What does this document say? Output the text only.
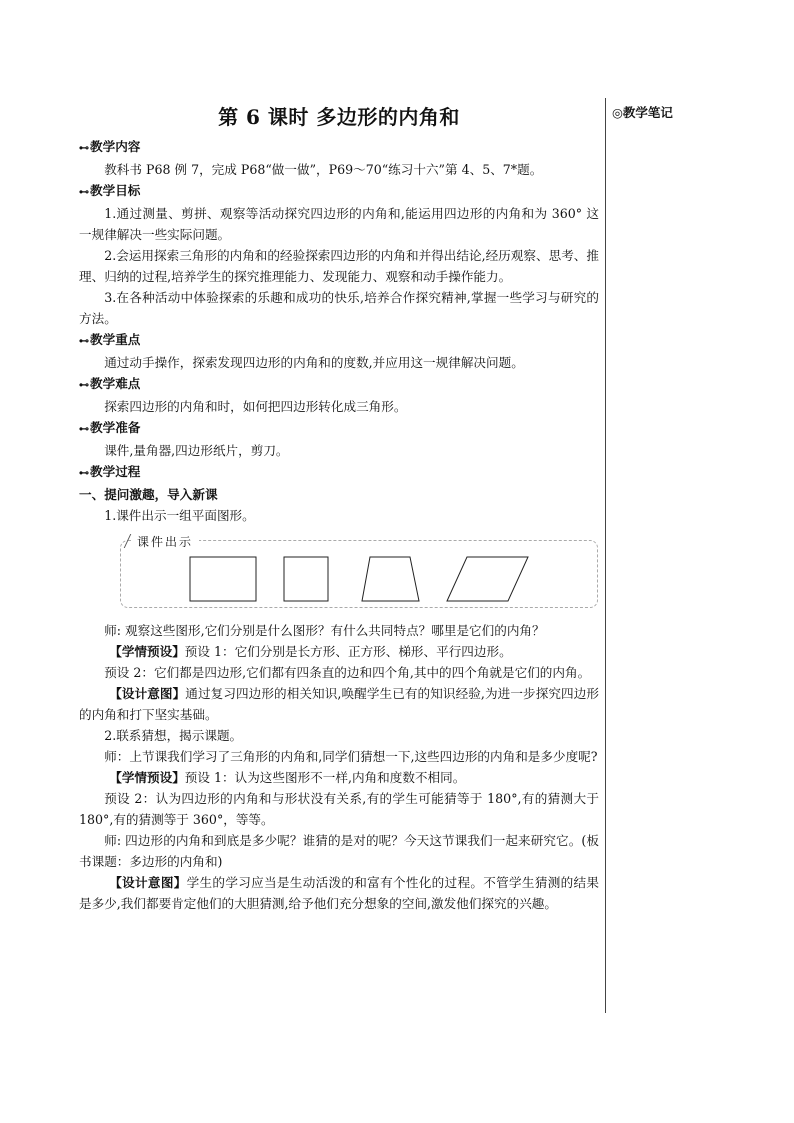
第 6 课时 多边形的内角和	◎教学笔记

⊷教学内容

教科书 P68 例 7，完成 P68“做一做”，P69～70“练习十六”第 4、5、7*题。

⊷教学目标

1.通过测量、剪拼、观察等活动探究四边形的内角和,能运用四边形的内角和为 360° 这一规律解决一些实际问题。

2.会运用探索三角形的内角和的经验探索四边形的内角和并得出结论,经历观察、思考、推理、归纳的过程,培养学生的探究推理能力、发现能力、观察和动手操作能力。

3.在各种活动中体验探索的乐趣和成功的快乐,培养合作探究精神,掌握一些学习与研究的方法。

⊷教学重点

通过动手操作，探索发现四边形的内角和的度数,并应用这一规律解决问题。

⊷教学难点

探索四边形的内角和时，如何把四边形转化成三角形。

⊷教学准备

课件,量角器,四边形纸片，剪刀。

⊷教学过程

一、提问激趣，导入新课

1.课件出示一组平面图形。

课件出示

师: 观察这些图形,它们分别是什么图形？有什么共同特点？哪里是它们的内角？

【学情预设】预设 1：它们分别是长方形、正方形、梯形、平行四边形。

预设 2：它们都是四边形,它们都有四条直的边和四个角,其中的四个角就是它们的内角。

【设计意图】通过复习四边形的相关知识,唤醒学生已有的知识经验,为进一步探究四边形的内角和打下坚实基础。

2.联系猜想，揭示课题。

师：上节课我们学习了三角形的内角和,同学们猜想一下,这些四边形的内角和是多少度呢?

【学情预设】预设 1：认为这些图形不一样,内角和度数不相同。

预设 2：认为四边形的内角和与形状没有关系,有的学生可能猜等于 180°,有的猜测大于 180°,有的猜测等于 360°，等等。

师: 四边形的内角和到底是多少呢？谁猜的是对的呢？今天这节课我们一起来研究它。(板书课题：多边形的内角和)

【设计意图】学生的学习应当是生动活泼的和富有个性化的过程。不管学生猜测的结果是多少,我们都要肯定他们的大胆猜测,给予他们充分想象的空间,激发他们探究的兴趣。
